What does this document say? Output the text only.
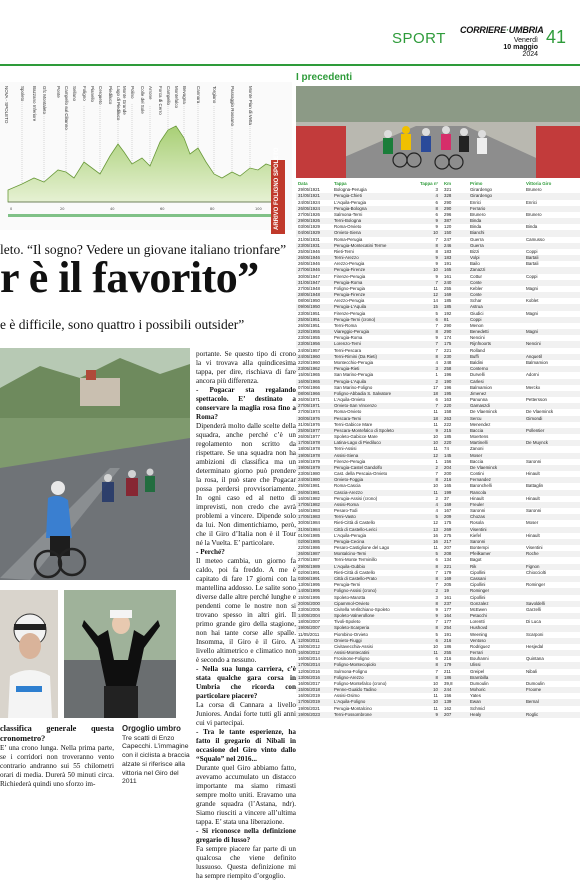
SPORT CORRIERE·UMBRIA
Venerdì
10 maggio
2024
41
0	20	40	60	80	100 ARRIVO FOLIGNO SPOLETO
NOVA - SPOLETO Spoleto Bazzano Inferiore Gfc Montaleto Ponte Campello sul Clitunno Sellano Foligno Pianello Cerqueto Piediluco Lago di Piediluco Monte Grande Polino Colle del Sole Arrone Forca di Cerro Campello Montefalco Bevagna Cannara Torgiano	Passaggio Rossano	Monte Pian di Vetta
leto. “Il sogno? Vedere un giovane italiano trionfare”
r è il favorito”
e è difficile, sono quattro i possibili outsider”

portante. Se questo tipo di crono la vi trovava alla quindicesima tappa, per dire, rischiava di fare ancora più differenza.

- Pogacar sta regalando spettacolo. E’ destinato a conservare la maglia rosa fino a Roma?

Dipenderà molto dalle scelte della squadra, anche perché c’è un regolamento non scritto da rispettare. Se una squadra non ha ambizioni di classifica ma un determinato giorno può prendere la rosa, il può stare che Pogacar possa perdersi provvisoriamente. In ogni caso ed al netto di imprevisti, non credo che avrà problemi a vincere. Dipende solo da lui. Non dimentichiamo, però, che il Giro d’Italia non è il Tour né la Vuelta. E’ particolare.

- Perché?

Il meteo cambia, un giorno fa caldo, poi fa freddo. A me è capitato di fare 17 giorni con la mantellina addosso. Le salite sono diverse dalle altre perché lunghe e pendenti come le nostre non si trovano spesso in altri giri. Il primo grande giro della stagione, non hai tante corse alle spalle. Insomma, il Giro è il Giro. A livello altimetrico e climatico non è secondo a nessuno.

- Nella sua lunga carriera, c’è stata qualche gara corsa in Umbria che ricorda con particolare piacere?

La corsa di Cannara a livello Juniores. Andai forte tutti gli anni cui vi partecipai.

- Tra le tante esperienze, ha fatto il gregario di Nibali in occasione del Giro vinto dallo “Squalo” nel 2016...

Durante quel Giro abbiamo fatto, avevamo accumulato un distacco importante ma siamo rimasti sempre molto uniti. Eravamo una grande squadra (l’Astana, ndr). Siamo riusciti a vincere all’ultima tappa. E’ stata una liberazione.

- Si riconosce nella definizione gregario di lusso?

Fa sempre piacere far parte di un qualcosa che viene definito lussuoso. Questa definizione mi ha sempre riempito d’orgoglio.

classifica generale questa cronometro?

E’ una crono lunga. Nella prima parte, se i corridori non troveranno vento contrario andranno sui 55 chilometri orari di media. Durerà 50 minuti circa. Richiederà quindi uno sforzo im-

Orgoglio umbro
Tre scatti di Enzo Capecchi. L’immagine con il ciclista a braccia alzate si riferisce alla vittoria nel Giro del 2011
I precedenti
Data	Tappa	Tappa n°	Km	Primo	Vittoria Giro
29/05/1921	Bologna-Perugia	3	321	Girardengo	Brunero
31/05/1921	Perugia-Chieti	4	328	Girardengo
24/05/1924	L'Aquila-Perugia	6	290	Enrici	Enrici
26/05/1924	Perugia-Bologna	8	290	Ferrario
27/05/1926	Salmona-Terni	6	296	Brunero	Brunero
29/05/1926	Terni-Bologna	9	387	Binda
03/06/1929	Roma-Orvieto	9	120	Binda	Binda
04/06/1929	Orvieto-Siena	10	150	Bianchi
21/05/1931	Roma-Perugia	7	247	Guerra	Camusso
23/05/1931	Perugia-Montecatini Terme	8	246	Guerra
25/05/1946	Rieti-Terni	8	183	Bizzi	Coppi
26/05/1946	Terni-Arezzo	9	183	Volpi	Bartali
26/05/1946	Arezzo-Perugia	9	191	Bailo	Bartali
27/06/1946	Perugia-Firenze	10	165	Zanazzi
30/05/1947	Firenze-Perugia	9	161	Cottur	Coppi
31/05/1947	Perugia-Roma	7	240	Conte
27/05/1948	Foligno-Perugia	11	255	Kebler	Magni
28/05/1948	Perugia-Firenze	12	169	Conte
08/06/1950	Arezzo-Perugia	14	185	Schar	Koblet
09/06/1950	Perugia-L'Aquila	15	185	Astrua
23/05/1951	Firenze-Perugia	5	192	Giudici	Magni
25/05/1951	Perugia-Terni (crono)	6	81	Coppi
26/05/1951	Terni-Roma	7	290	Menon
22/05/1955	Viareggio-Perugia	8	290	Benedetti	Magni
23/05/1955	Perugia-Roma	9	174	Nencini
23/05/1956	Lorenzo-Terni	7	175	Rijnfnoorts	Nencini
24/05/1957	Terni-Pescara	7	221	Rolland
24/05/1960	Terni-Rimini (Da Rieti)	8	230	Buffi	Anquetil
22/05/1960	Montecchio-Perugia	4	248	Baldini	Balmamion
23/05/1962	Perugia-Rieti	3	258	Conterno
15/05/1965	San Marino-Perugia	1	196	Durvelli	Adorni
16/05/1965	Perugia-L'Aquila	2	190	Carlesi
07/06/1966	San Marino-Foligno	17	196	Balmamion	Merckx
08/06/1966	Foligno-Abbadia S. Salvatore	18	195	Jimenez
26/05/1971	L'Aquila-Orvieto	6	163	Panunna	Pettersson
27/05/1971	Orvieto-San Vincenzo	7	220	Gamaszdi
27/05/1974	Roma-Orvieto	11	158	De Vlaeminck	De Vlaeminck
30/05/1976	Pescara-Terni	18	263	Sercu	Gimondi
31/05/1976	Terni-Gabicce Mare	11	222	Menendez
25/05/1977	Pescara-Montefalco di Spoleto	9	215	Baccia	Pollentier
26/05/1977	Spoleto-Gabicce Mare	10	185	Moertens
17/05/1978	Latina-Lago di Piediluco	10	220	Martinelli	De Muynck
18/05/1978	Terni-Assisi	11	74	Zanoni
19/05/1978	Assisi-Siena	12	145	Moser
19/05/1979	Firenze-Perugia	1	156	Baccia	Saronni
19/05/1979	Perugia-Castel Gandolfo	2	204	De Vlaeminck
23/05/1980	Cast. della Pescaia-Orvieto	7	200	Contini	Hinault
24/05/1980	Orvieto-Foggia	8	216	Fernandez
25/05/1981	Roma-Cascia	10	165	Baronchelli	Battaglin
26/05/1981	Cascia-Arezzo	11	199	Rancola
16/05/1982	Perugia-Assisi (crono)	2	37	Hinault	Hinault
17/05/1982	Assisi-Roma	4	169	Freuler
16/05/1983	Pesaro-Todi	4	167	Saronni	Saronni
17/05/1983	Terni-Vasto	5	209	Chozas
30/05/1984	Rieti-Città di Castello	12	175	Rosola	Moser
31/05/1984	Città di Castello-Lerici	13	269	Visentini
01/06/1985	L'Aquila-Perugia	16	275	Kiefel	Hinault
02/06/1985	Perugia-Cecina	16	217	Saronni
22/05/1986	Pesaro-Castiglione del Lago	11	207	Bontempi	Visentini
26/05/1987	Montalcino-Terni	5	208	Pfeilkamer	Roche
27/05/1987	Terni-Monte Terminillo	6	134	Bagot
29/05/1989	L'Aquila-Gubbio	8	221	Rik	Fignon
02/06/1991	Rieti-Città di Castello	7	179	Cipollini	Chiocciolti
03/06/1991	Città di Castello-Prato	8	169	Cassani
13/05/1995	Perugia-Terni	7	205	Cipollini	Rominger
14/05/1995	Foligno-Assisi (crono)	2	19	Rominger
15/05/1995	Spoleto-Marotta	3	161	Cipollini
20/05/2000	Cipammol-Orvieto	8	237	Gonzalez	Savoldelli
23/05/2005	Civitella Verlitchiano-Spoleto	9	177	McEwen	Garzelli
14/05/2004	Spoleto-Valnerollone	9	164	Petacchi
18/05/2007	Tivoli-Spoleto	7	177	Lorentti	Di Luca
19/05/2007	Spoleto-Scarperia	8	254	Hushovd
11/05/2011	Piombino-Orvieto	5	191	Weening	Scarponi
12/05/2011	Orvieto-Fiuggi	6	216	Ventoso
15/05/2012	Civitavecchia-Assisi	10	186	Rodriguez	Hesjedal
16/05/2012	Assisi-Montecatini	11	255	Ferrari
16/05/2014	Frosinone-Foligno	6	216	Bouhanni	Quintana
17/05/2014	Foligno-Montecopiolo	8	179	Ulissi
12/05/2016	Sulmona-Foligno	7	211	Greipel	Nibali
13/05/2016	Foligno-Arezzo	8	186	Brambilla
16/05/2017	Foligno-Montefalco (crono)	10	39,8	Dumoulin	Dumoulin
15/05/2018	Penne-Gualdo Tadino	10	244	Mohoric	Froome
16/05/2019	Assisi-Osimo	11	156	Yates
17/05/2019	L'Aquila-Foligno	10	139	Ewan	Bernal
19/05/2021	Perugia-Montalcino	11	162	Schmid
19/05/2023	Terni-Fossombrone	9	207	Healy	Roglic
